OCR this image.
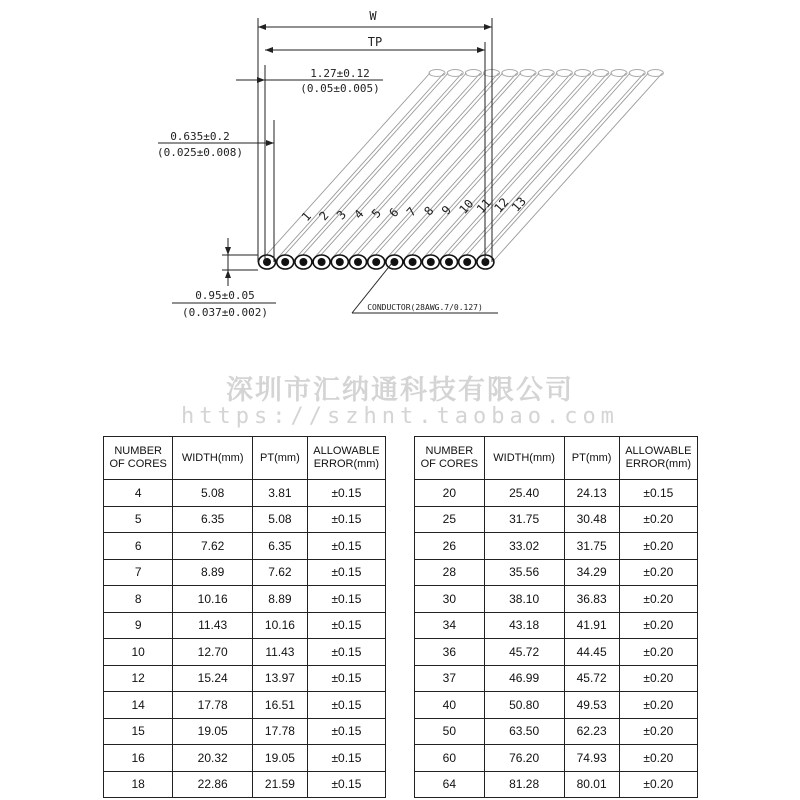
1 2 3 4 5 6 7 8 9 10
11
12
13
W
TP
1.27±0.12
(0.05±0.005)
0.635±0.2
(0.025±0.008)
0.95±0.05
(0.037±0.002)	CONDUCTOR(28AWG.7/0.127)
深圳市汇纳通科技有限公司
https://szhnt.taobao.com
NUMBER
OF CORES	WIDTH(mm)	PT(mm)	ALLOWABLE
ERROR(mm)
4	5.08	3.81	±0.15
5	6.35	5.08	±0.15
6	7.62	6.35	±0.15
7	8.89	7.62	±0.15
8	10.16	8.89	±0.15
9	11.43	10.16	±0.15
10	12.70	11.43	±0.15
12	15.24	13.97	±0.15
14	17.78	16.51	±0.15
15	19.05	17.78	±0.15
16	20.32	19.05	±0.15
18	22.86	21.59	±0.15
NUMBER
OF CORES	WIDTH(mm)	PT(mm)	ALLOWABLE
ERROR(mm)
20	25.40	24.13	±0.15
25	31.75	30.48	±0.20
26	33.02	31.75	±0.20
28	35.56	34.29	±0.20
30	38.10	36.83	±0.20
34	43.18	41.91	±0.20
36	45.72	44.45	±0.20
37	46.99	45.72	±0.20
40	50.80	49.53	±0.20
50	63.50	62.23	±0.20
60	76.20	74.93	±0.20
64	81.28	80.01	±0.20
